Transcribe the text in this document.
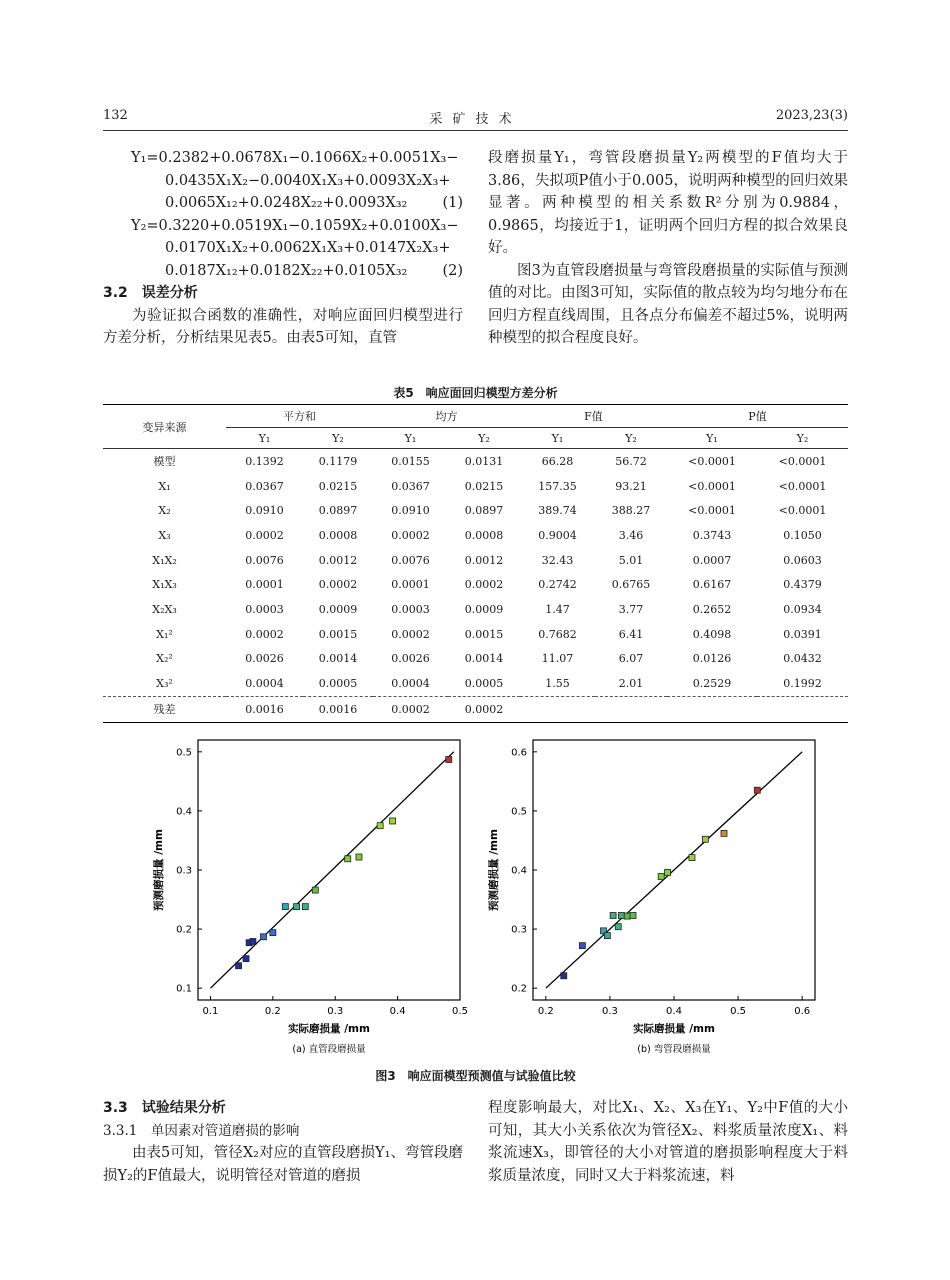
132	采矿技术	2023,23(3)
Y₁=0.2382+0.0678X₁−0.1066X₂+0.0051X₃−
0.0435X₁X₂−0.0040X₁X₃+0.0093X₂X₃+
0.0065X₁₂+0.0248X₂₂+0.0093X₃₂ (1)
Y₂=0.3220+0.0519X₁−0.1059X₂+0.0100X₃−
0.0170X₁X₂+0.0062X₁X₃+0.0147X₂X₃+
0.0187X₁₂+0.0182X₂₂+0.0105X₃₂ (2)
3.2　误差分析

为验证拟合函数的准确性，对响应面回归模型进行方差分析，分析结果见表5。由表5可知，直管

段磨损量Y₁，弯管段磨损量Y₂两模型的F值均大于3.86，失拟项P值小于0.005，说明两种模型的回归效果显著。两种模型的相关系数R²分别为0.9884，0.9865，均接近于1，证明两个回归方程的拟合效果良好。

图3为直管段磨损量与弯管段磨损量的实际值与预测值的对比。由图3可知，实际值的散点较为均匀地分布在回归方程直线周围，且各点分布偏差不超过5%，说明两种模型的拟合程度良好。

表5　响应面回归模型方差分析
变异来源	平方和		均方		F值		P值	
	Y₁	Y₂	Y₁	Y₂	Y₁	Y₂	Y₁	Y₂
模型	0.1392	0.1179	0.0155	0.0131	66.28	56.72	<0.0001	<0.0001
X₁	0.0367	0.0215	0.0367	0.0215	157.35	93.21	<0.0001	<0.0001
X₂	0.0910	0.0897	0.0910	0.0897	389.74	388.27	<0.0001	<0.0001
X₃	0.0002	0.0008	0.0002	0.0008	0.9004	3.46	0.3743	0.1050
X₁X₂	0.0076	0.0012	0.0076	0.0012	32.43	5.01	0.0007	0.0603
X₁X₃	0.0001	0.0002	0.0001	0.0002	0.2742	0.6765	0.6167	0.4379
X₂X₃	0.0003	0.0009	0.0003	0.0009	1.47	3.77	0.2652	0.0934
X₁²	0.0002	0.0015	0.0002	0.0015	0.7682	6.41	0.4098	0.0391
X₂²	0.0026	0.0014	0.0026	0.0014	11.07	6.07	0.0126	0.0432
X₃²	0.0004	0.0005	0.0004	0.0005	1.55	2.01	0.2529	0.1992
残差	0.0016	0.0016	0.0002	0.0002				
0.1	0.2	0.3	0.4	0.5
0.1
0.2
0.3
0.4
0.5
实际磨损量 /mm
预测磨损量 /mm
(a) 直管段磨损量
0.2	0.3	0.4	0.5	0.6
0.2
0.3
0.4
0.5
0.6
实际磨损量 /mm
预测磨损量 /mm
(b) 弯管段磨损量
图3　响应面模型预测值与试验值比较
3.3　试验结果分析
3.3.1　单因素对管道磨损的影响

由表5可知，管径X₂对应的直管段磨损Y₁、弯管段磨损Y₂的F值最大，说明管径对管道的磨损

程度影响最大，对比X₁、X₂、X₃在Y₁、Y₂中F值的大小可知，其大小关系依次为管径X₂、料浆质量浓度X₁、料浆流速X₃，即管径的大小对管道的磨损影响程度大于料浆质量浓度，同时又大于料浆流速，料
